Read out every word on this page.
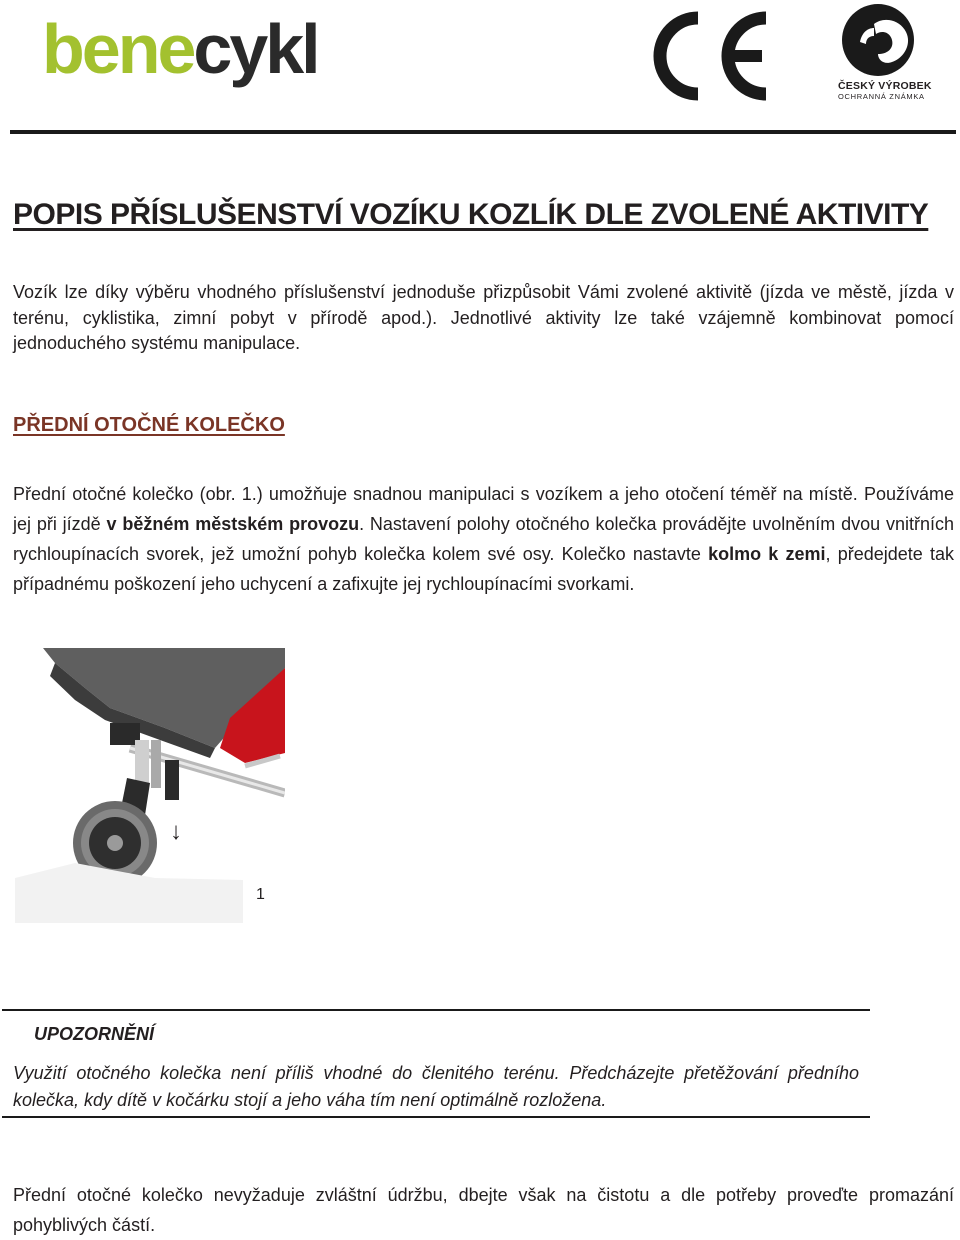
benecykl	ČESKÝ VÝROBEK
OCHRANNÁ ZNÁMKA
POPIS PŘÍSLUŠENSTVÍ VOZÍKU KOZLÍK DLE ZVOLENÉ AKTIVITY

Vozík lze díky výběru vhodného příslušenství jednoduše přizpůsobit Vámi zvolené aktivitě (jízda ve městě, jízda v terénu, cyklistika, zimní pobyt v přírodě apod.). Jednotlivé aktivity lze také vzájemně kombinovat pomocí jednoduchého systému manipulace.

PŘEDNÍ OTOČNÉ KOLEČKO

Přední otočné kolečko (obr. 1.) umožňuje snadnou manipulaci s vozíkem a jeho otočení téměř na místě. Používáme jej při jízdě v běžném městském provozu. Nastavení polohy otočného kolečka provádějte uvolněním dvou vnitřních rychloupínacích svorek, jež umožní pohyb kolečka kolem své osy. Kolečko nastavte kolmo k zemi, předejdete tak případnému poškození jeho uchycení a zafixujte jej rychloupínacími svorkami.

↓
1
UPOZORNĚNÍ

Využití otočného kolečka není příliš vhodné do členitého terénu. Předcházejte přetěžování předního kolečka, kdy dítě v kočárku stojí a jeho váha tím není optimálně rozložena.

Přední otočné kolečko nevyžaduje zvláštní údržbu, dbejte však na čistotu a dle potřeby proveďte promazání pohyblivých částí.
